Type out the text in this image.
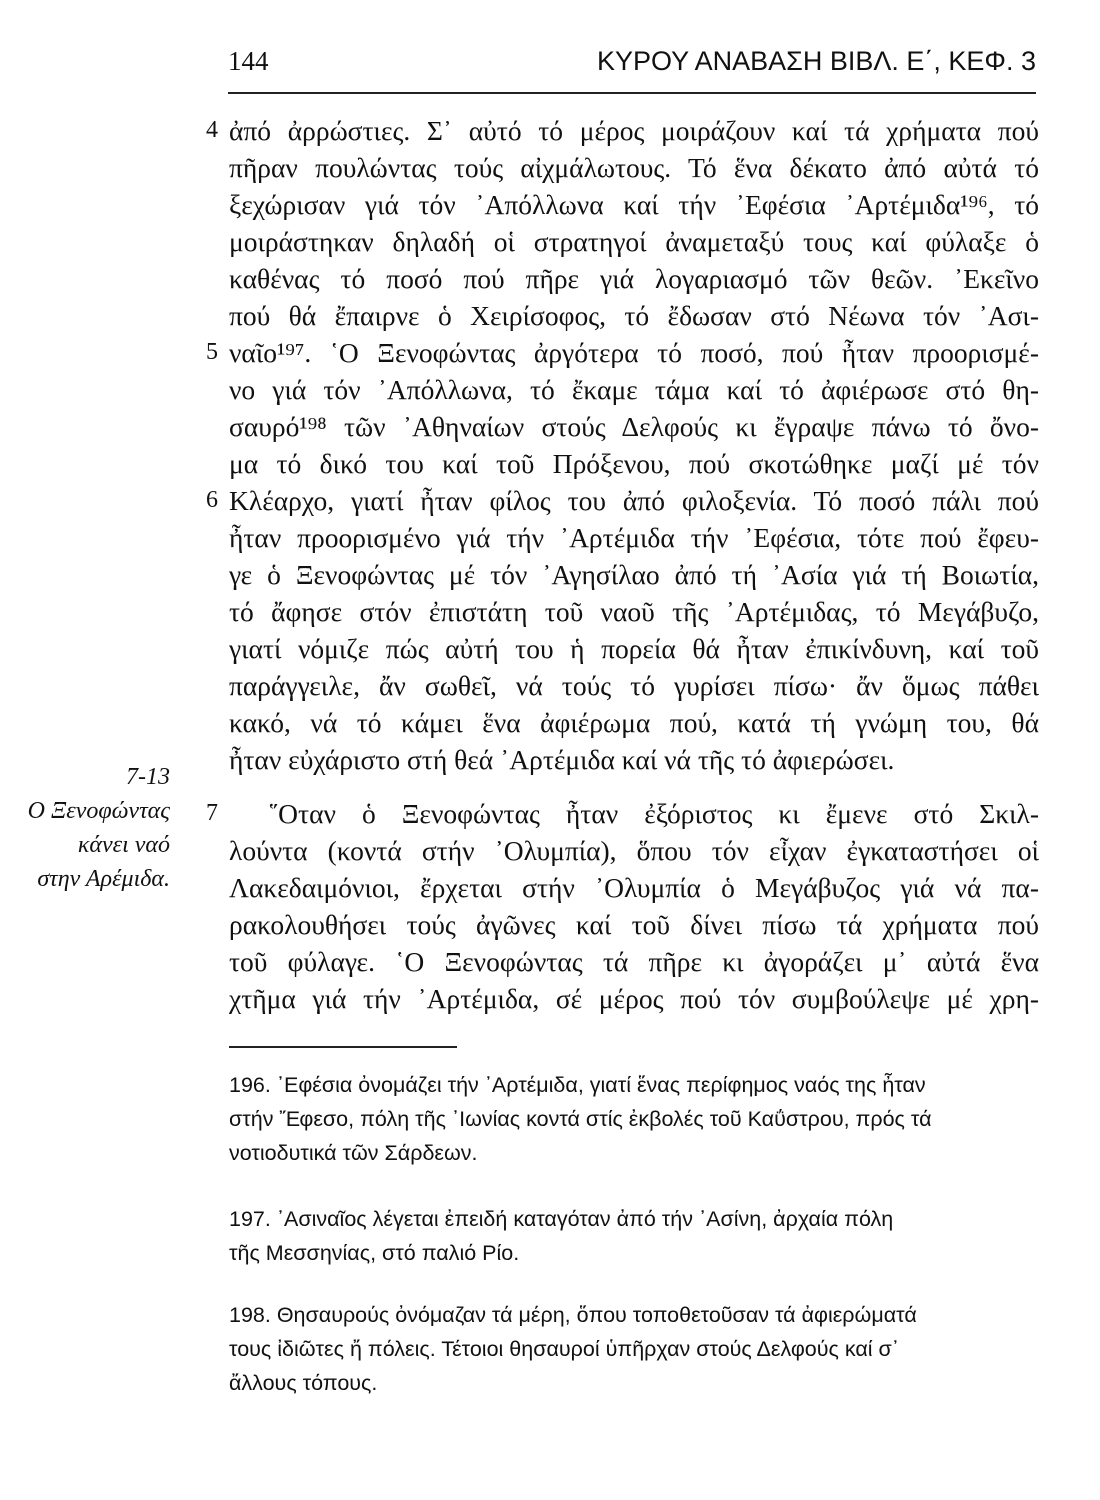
144	ΚΥΡΟΥ ΑΝΑΒΑΣΗ ΒΙΒΛ. Ε΄, ΚΕΦ. 3
4
5
6
7
7-13
Ο Ξενοφώντας
κάνει ναό
στην Αρέμιδα.
ἀπό ἀρρώστιες. Σ᾿ αὐτό τό μέρος μοιράζουν καί τά χρήματα πού
πῆραν πουλώντας τούς αἰχμάλωτους. Τό ἕνα δέκατο ἀπό αὐτά τό
ξεχώρισαν γιά τόν ᾿Απόλλωνα καί τήν ᾿Εφέσια ᾿Αρτέμιδα¹⁹⁶, τό
μοιράστηκαν δηλαδή οἱ στρατηγοί ἀναμεταξύ τους καί φύλαξε ὁ
καθένας τό ποσό πού πῆρε γιά λογαριασμό τῶν θεῶν. ᾿Εκεῖνο
πού θά ἔπαιρνε ὁ Χειρίσοφος, τό ἔδωσαν στό Νέωνα τόν ᾿Ασι-
ναῖο¹⁹⁷. ῾Ο Ξενοφώντας ἀργότερα τό ποσό, πού ἦταν προορισμέ-
νο γιά τόν ᾿Απόλλωνα, τό ἔκαμε τάμα καί τό ἀφιέρωσε στό θη-
σαυρό¹⁹⁸ τῶν ᾿Αθηναίων στούς Δελφούς κι ἔγραψε πάνω τό ὄνο-
μα τό δικό του καί τοῦ Πρόξενου, πού σκοτώθηκε μαζί μέ τόν
Κλέαρχο, γιατί ἦταν φίλος του ἀπό φιλοξενία. Τό ποσό πάλι πού
ἦταν προορισμένο γιά τήν ᾿Αρτέμιδα τήν ᾿Εφέσια, τότε πού ἔφευ-
γε ὁ Ξενοφώντας μέ τόν ᾿Αγησίλαο ἀπό τή ᾿Ασία γιά τή Βοιωτία,
τό ἄφησε στόν ἐπιστάτη τοῦ ναοῦ τῆς ᾿Αρτέμιδας, τό Μεγάβυζο,
γιατί νόμιζε πώς αὐτή του ἡ πορεία θά ἦταν ἐπικίνδυνη, καί τοῦ
παράγγειλε, ἄν σωθεῖ, νά τούς τό γυρίσει πίσω· ἄν ὅμως πάθει
κακό, νά τό κάμει ἕνα ἀφιέρωμα πού, κατά τή γνώμη του, θά
ἦταν εὐχάριστο στή θεά ᾿Αρτέμιδα καί νά τῆς τό ἀφιερώσει.
῞Οταν ὁ Ξενοφώντας ἦταν ἐξόριστος κι ἔμενε στό Σκιλ-
λούντα (κοντά στήν ᾿Ολυμπία), ὅπου τόν εἶχαν ἐγκαταστήσει οἱ
Λακεδαιμόνιοι, ἔρχεται στήν ᾿Ολυμπία ὁ Μεγάβυζος γιά νά πα-
ρακολουθήσει τούς ἀγῶνες καί τοῦ δίνει πίσω τά χρήματα πού
τοῦ φύλαγε. ῾Ο Ξενοφώντας τά πῆρε κι ἀγοράζει μ᾿ αὐτά ἕνα
χτῆμα γιά τήν ᾿Αρτέμιδα, σέ μέρος πού τόν συμβούλεψε μέ χρη-
196. ᾿Εφέσια ὀνομάζει τήν ᾿Αρτέμιδα, γιατί ἕνας περίφημος ναός της ἦταν
στήν Ἔφεσο, πόλη τῆς ᾿Ιωνίας κοντά στίς ἐκβολές τοῦ Καΰστρου, πρός τά
νοτιοδυτικά τῶν Σάρδεων.
197. ᾿Ασιναῖος λέγεται ἐπειδή καταγόταν ἀπό τήν ᾿Ασίνη, ἀρχαία πόλη
τῆς Μεσσηνίας, στό παλιό Ρίο.
198. Θησαυρούς ὀνόμαζαν τά μέρη, ὅπου τοποθετοῦσαν τά ἀφιερώματά
τους ἰδιῶτες ἤ πόλεις. Τέτοιοι θησαυροί ὑπῆρχαν στούς Δελφούς καί σ᾿
ἄλλους τόπους.
